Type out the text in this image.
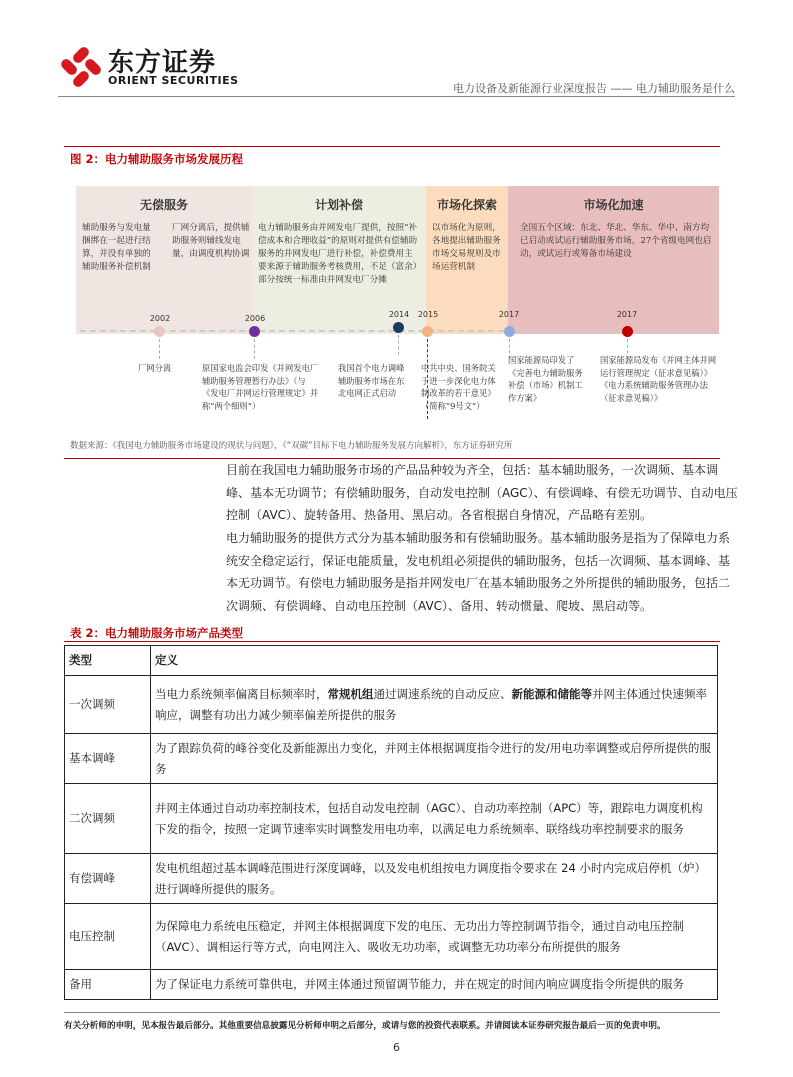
东方证券
ORIENT SECURITIES
电力设备及新能源行业深度报告 —— 电力辅助服务是什么
图 2：电力辅助服务市场发展历程
无偿服务
辅助服务与发电量捆绑在一起进行结算，并没有单独的辅助服务补偿机制
厂网分离后，提供辅助服务则辅线发电量，由调度机构协调
计划补偿
电力辅助服务由并网发电厂提供，按照“补偿成本和合理收益”的原则对提供有偿辅助服务的并网发电厂进行补偿，补偿费用主要来源于辅助服务考核费用，不足（富余）部分按统一标准由并网发电厂分摊
市场化探索
以市场化为原则，各地提出辅助服务市场交易规则及市场运营机制
市场化加速
全国五个区域：东北、华北、华东、华中、南方均已启动或试运行辅助服务市场，27个省级电网也启动，或试运行或筹备市场建设
2002	2006	2014	2015	2017	2017
厂网分离	原国家电监会印发《并网发电厂辅助服务管理暂行办法》（与《发电厂并网运行管理规定》并称“两个细则”）
我国首个电力调峰辅助服务市场在东北电网正式启动
中共中央、国务院关于进一步深化电力体制改革的若干意见》（简称“9号文”）
国家能源局印发了《完善电力辅助服务补偿（市场）机制工作方案》
国家能源局发布《并网主体并网运行管理规定（征求意见稿）》《电力系统辅助服务管理办法（征求意见稿）》
数据来源：《我国电力辅助服务市场建设的现状与问题》，《“双碳”目标下电力辅助服务发展方向解析》，东方证券研究所
目前在我国电力辅助服务市场的产品品种较为齐全，包括：基本辅助服务，一次调频、基本调峰、基本无功调节；有偿辅助服务，自动发电控制（AGC）、有偿调峰、有偿无功调节、自动电压控制（AVC）、旋转备用、热备用、黑启动。各省根据自身情况，产品略有差别。
电力辅助服务的提供方式分为基本辅助服务和有偿辅助服务。基本辅助服务是指为了保障电力系统安全稳定运行，保证电能质量，发电机组必须提供的辅助服务，包括一次调频、基本调峰、基本无功调节。有偿电力辅助服务是指并网发电厂在基本辅助服务之外所提供的辅助服务，包括二次调频、有偿调峰、自动电压控制（AVC）、备用、转动惯量、爬坡、黑启动等。
表 2：电力辅助服务市场产品类型
类型	定义
一次调频	当电力系统频率偏离目标频率时，常规机组通过调速系统的自动反应、新能源和储能等并网主体通过快速频率响应，调整有功出力减少频率偏差所提供的服务
基本调峰	为了跟踪负荷的峰谷变化及新能源出力变化，并网主体根据调度指令进行的发/用电功率调整或启停所提供的服务
二次调频	并网主体通过自动功率控制技术，包括自动发电控制（AGC）、自动功率控制（APC）等，跟踪电力调度机构下发的指令，按照一定调节速率实时调整发用电功率，以满足电力系统频率、联络线功率控制要求的服务
有偿调峰	发电机组超过基本调峰范围进行深度调峰，以及发电机组按电力调度指令要求在 24 小时内完成启停机（炉）进行调峰所提供的服务。
电压控制	为保障电力系统电压稳定，并网主体根据调度下发的电压、无功出力等控制调节指令，通过自动电压控制（AVC）、调相运行等方式，向电网注入、吸收无功功率，或调整无功功率分布所提供的服务
备用	为了保证电力系统可靠供电，并网主体通过预留调节能力，并在规定的时间内响应调度指令所提供的服务
有关分析师的申明，见本报告最后部分。其他重要信息披露见分析师申明之后部分，或请与您的投资代表联系。并请阅读本证券研究报告最后一页的免责申明。
6
